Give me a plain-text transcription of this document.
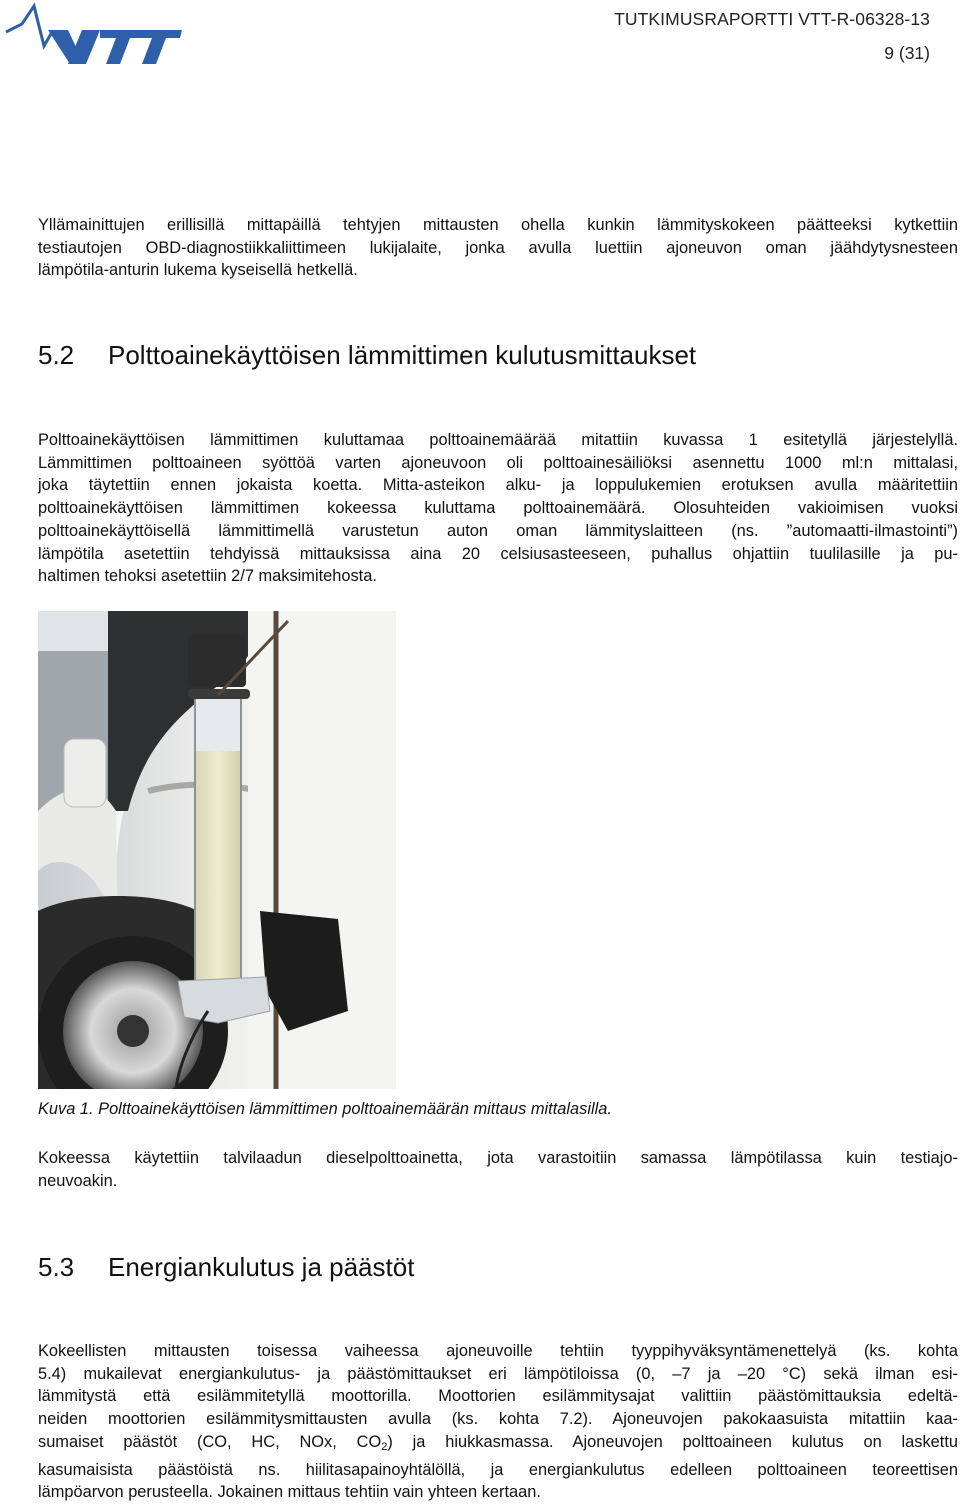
TUTKIMUSRAPORTTI VTT-R-06328-13
9 (31)

Yllämainittujen erillisillä mittapäillä tehtyjen mittausten ohella kunkin lämmityskokeen päätteeksi kytkettiin
testiautojen OBD-diagnostiikkaliittimeen lukijalaite, jonka avulla luettiin ajoneuvon oman jäähdytysnesteen
lämpötila-anturin lukema kyseisellä hetkellä.

5.2 Polttoainekäyttöisen lämmittimen kulutusmittaukset

Polttoainekäyttöisen lämmittimen kuluttamaa polttoainemäärää mitattiin kuvassa 1 esitetyllä järjestelyllä.
Lämmittimen polttoaineen syöttöä varten ajoneuvoon oli polttoainesäiliöksi asennettu 1000 ml:n mittalasi,
joka täytettiin ennen jokaista koetta. Mitta-asteikon alku- ja loppulukemien erotuksen avulla määritettiin
polttoainekäyttöisen lämmittimen kokeessa kuluttama polttoainemäärä. Olosuhteiden vakioimisen vuoksi
polttoainekäyttöisellä lämmittimellä varustetun auton oman lämmityslaitteen (ns. ”automaatti-ilmastointi”)
lämpötila asetettiin tehdyissä mittauksissa aina 20 celsiusasteeseen, puhallus ohjattiin tuulilasille ja pu-
haltimen tehoksi asetettiin 2/7 maksimitehosta.

Kuva 1. Polttoainekäyttöisen lämmittimen polttoainemäärän mittaus mittalasilla.

Kokeessa käytettiin talvilaadun dieselpolttoainetta, jota varastoitiin samassa lämpötilassa kuin testiajo-
neuvoakin.

5.3 Energiankulutus ja päästöt

Kokeellisten mittausten toisessa vaiheessa ajoneuvoille tehtiin tyyppihyväksyntämenettelyä (ks. kohta
5.4) mukailevat energiankulutus- ja päästömittaukset eri lämpötiloissa (0, –7 ja –20 °C) sekä ilman esi-
lämmitystä että esilämmitetyllä moottorilla. Moottorien esilämmitysajat valittiin päästömittauksia edeltä-
neiden moottorien esilämmitysmittausten avulla (ks. kohta 7.2). Ajoneuvojen pakokaasuista mitattiin kaa-
sumaiset päästöt (CO, HC, NOx, $CO_2$) ja hiukkasmassa. Ajoneuvojen polttoaineen kulutus on laskettu
kasumaisista päästöistä ns. hiilitasapainoyhtälöllä, ja energiankulutus edelleen polttoaineen teoreettisen
lämpöarvon perusteella. Jokainen mittaus tehtiin vain yhteen kertaan.
